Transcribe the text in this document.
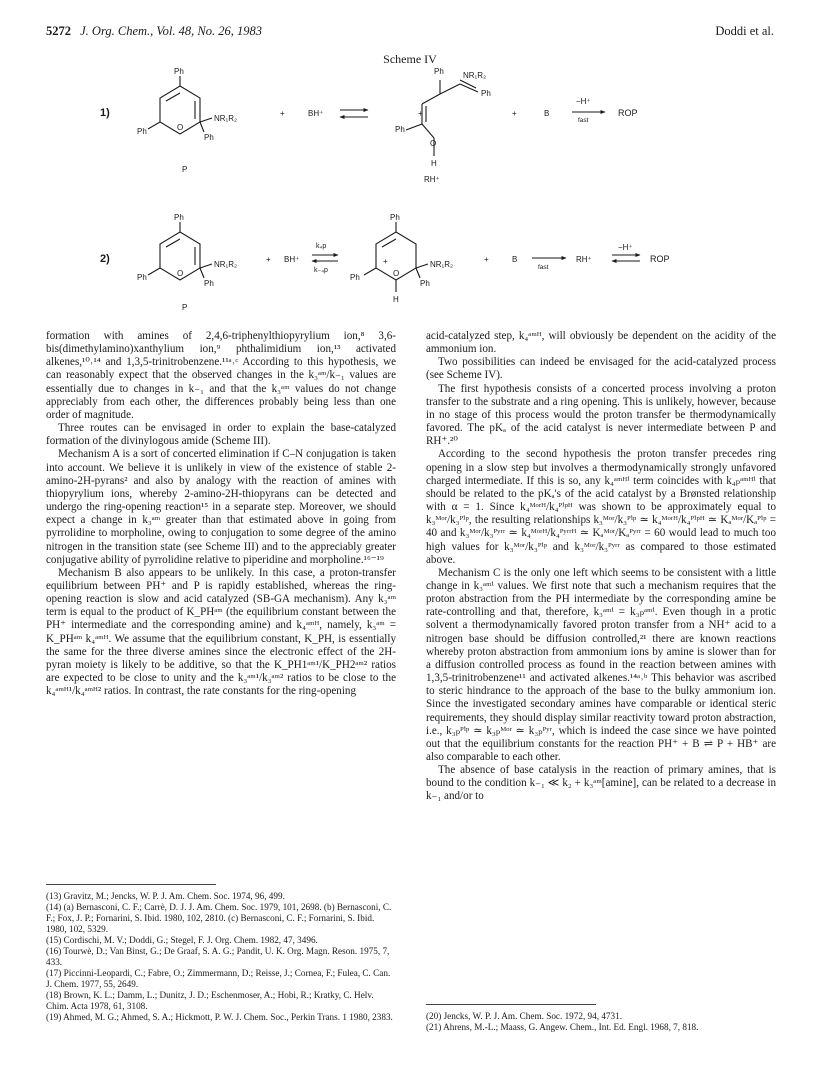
5272 J. Org. Chem., Vol. 48, No. 26, 1983	Doddi et al.
Scheme IV
1)
Ph
Ph
NR₁R₂
Ph
O
P
+	BH⁺
Ph NR₁R₂
Ph
Ph
O
+
H
RH⁺
+	B
−H⁺
fast
ROP
2)
Ph
Ph
NR₁R₂
Ph
O
P
+ BH⁺
k₄p
k₋₄p
Ph
Ph
NR₁R₂
Ph
O
+
H
+	B
fast
RH⁺
−H⁺
ROP

formation with amines of 2,4,6-triphenylthiopyrylium ion,⁸ 3,6-bis(dimethylamino)xanthylium ion,⁹ phthalimidium ion,¹³ activated alkenes,¹⁰˒¹⁴ and 1,3,5-trinitrobenzene.¹¹ᵃ˒ᶜ According to this hypothesis, we can reasonably expect that the observed changes in the k₃ᵃᵐ/k₋₁ values are essentially due to changes in k₋₁ and that the k₃ᵃᵐ values do not change appreciably from each other, the differences probably being less than one order of magnitude.

Three routes can be envisaged in order to explain the base-catalyzed formation of the divinylogous amide (Scheme III).

Mechanism A is a sort of concerted elimination if C–N conjugation is taken into account. We believe it is unlikely in view of the existence of stable 2-amino-2H-pyrans² and also by analogy with the reaction of amines with thiopyrylium ions, whereby 2-amino-2H-thiopyrans can be detected and undergo the ring-opening reaction¹⁵ in a separate step. Moreover, we should expect a change in k₃ᵃᵐ greater than that estimated above in going from pyrrolidine to morpholine, owing to conjugation to some degree of the amino nitrogen in the transition state (see Scheme III) and to the appreciably greater conjugative ability of pyrrolidine relative to piperidine and morpholine.¹⁶⁻¹⁹

Mechanism B also appears to be unlikely. In this case, a proton-transfer equilibrium between PH⁺ and P is rapidly established, whereas the ring-opening reaction is slow and acid catalyzed (SB-GA mechanism). Any k₃ᵃᵐ term is equal to the product of K_PHᵃᵐ (the equilibrium constant between the PH⁺ intermediate and the corresponding amine) and k₄ᵃᵐᴴ, namely, k₃ᵃᵐ = K_PHᵃᵐ k₄ᵃᵐᴴ. We assume that the equilibrium constant, K_PH, is essentially the same for the three diverse amines since the electronic effect of the 2H-pyran moiety is likely to be additive, so that the K_PH1ᵃᵐ¹/K_PH2ᵃᵐ² ratios are expected to be close to unity and the k₃ᵃᵐ¹/k₃ᵃᵐ² ratios to be close to the k₄ᵃᵐᴴ¹/k₄ᵃᵐᴴ² ratios. In contrast, the rate constants for the ring-opening

acid-catalyzed step, k₄ᵃᵐᴴ, will obviously be dependent on the acidity of the ammonium ion.

Two possibilities can indeed be envisaged for the acid-catalyzed process (see Scheme IV).

The first hypothesis consists of a concerted process involving a proton transfer to the substrate and a ring opening. This is unlikely, however, because in no stage of this process would the proton transfer be thermodynamically favored. The pKₐ of the acid catalyst is never intermediate between P and RH⁺.²⁰

According to the second hypothesis the proton transfer precedes ring opening in a slow step but involves a thermodynamically strongly unfavored charged intermediate. If this is so, any k₄ᵃᵐᴴⁱ term coincides with k₄ₚᵃᵐᴴⁱ that should be related to the pKₐ's of the acid catalyst by a Brønsted relationship with α = 1. Since k₄ᴹᵒʳᴴ/k₄ᴾⁱᵖᴴ was shown to be approximately equal to k₃ᴹᵒʳ/k₃ᴾⁱᵖ, the resulting relationships k₃ᴹᵒʳ/k₃ᴾⁱᵖ ≃ k₄ᴹᵒʳᴴ/k₄ᴾⁱᵖᴴ ≃ Kₐᴹᵒʳ/Kₐᴾⁱᵖ = 40 and k₃ᴹᵒʳ/k₃ᴾʸʳʳ ≃ k₄ᴹᵒʳᴴ/k₄ᴾʸʳʳᴴ ≃ Kₐᴹᵒʳ/Kₐᴾʸʳʳ = 60 would lead to much too high values for k₃ᴹᵒʳ/k₃ᴾⁱᵖ and k₃ᴹᵒʳ/k₃ᴾʸʳʳ as compared to those estimated above.

Mechanism C is the only one left which seems to be consistent with a little change in k₃ᵃᵐⁱ values. We first note that such a mechanism requires that the proton abstraction from the PH intermediate by the corresponding amine be rate-controlling and that, therefore, k₃ᵃᵐⁱ = k₃ₚᵃᵐⁱ. Even though in a protic solvent a thermodynamically favored proton transfer from a NH⁺ acid to a nitrogen base should be diffusion controlled,²¹ there are known reactions whereby proton abstraction from ammonium ions by amine is slower than for a diffusion controlled process as found in the reaction between amines with 1,3,5-trinitrobenzene¹¹ and activated alkenes.¹⁴ᵃ˒ᵇ This behavior was ascribed to steric hindrance to the approach of the base to the bulky ammonium ion. Since the investigated secondary amines have comparable or identical steric requirements, they should display similar reactivity toward proton abstraction, i.e., k₃ₚᴾⁱᵖ ≃ k₃ₚᴹᵒʳ ≃ k₃ₚᴾʸʳ, which is indeed the case since we have pointed out that the equilibrium constants for the reaction PH⁺ + B ⇌ P + HB⁺ are also comparable to each other.

The absence of base catalysis in the reaction of primary amines, that is bound to the condition k₋₁ ≪ k₂ + k₃ᵃᵐ[amine], can be related to a decrease in k₋₁ and/or to

(13) Gravitz, M.; Jencks, W. P. J. Am. Chem. Soc. 1974, 96, 499.

(14) (a) Bernasconi, C. F.; Carrè, D. J. J. Am. Chem. Soc. 1979, 101, 2698. (b) Bernasconi, C. F.; Fox, J. P.; Fornarini, S. Ibid. 1980, 102, 2810. (c) Bernasconi, C. F.; Fornarini, S. Ibid. 1980, 102, 5329.

(15) Cordischi, M. V.; Doddi, G.; Stegel, F. J. Org. Chem. 1982, 47, 3496.

(16) Tourwè, D.; Van Binst, G.; De Graaf, S. A. G.; Pandit, U. K. Org. Magn. Reson. 1975, 7, 433.

(17) Piccinni-Leopardi, C.; Fabre, O.; Zimmermann, D.; Reisse, J.; Cornea, F.; Fulea, C. Can. J. Chem. 1977, 55, 2649.

(18) Brown, K. L.; Damm, L.; Dunitz, J. D.; Eschenmoser, A.; Hobi, R.; Kratky, C. Helv. Chim. Acta 1978, 61, 3108.

(19) Ahmed, M. G.; Ahmed, S. A.; Hickmott, P. W. J. Chem. Soc., Perkin Trans. 1 1980, 2383.	(20) Jencks, W. P. J. Am. Chem. Soc. 1972, 94, 4731.

(21) Ahrens, M.-L.; Maass, G. Angew. Chem., Int. Ed. Engl. 1968, 7, 818.
